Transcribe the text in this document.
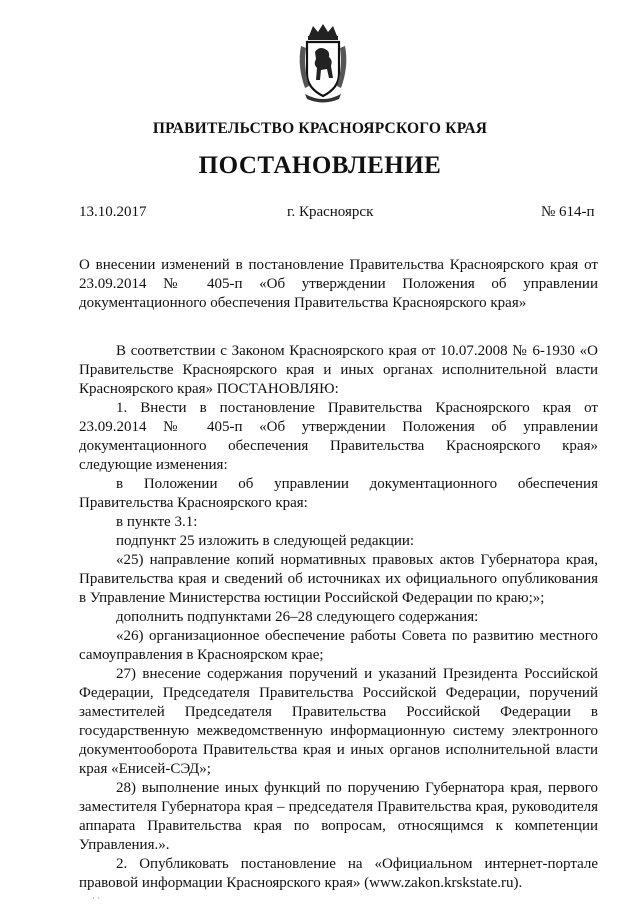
ПРАВИТЕЛЬСТВО КРАСНОЯРСКОГО КРАЯ
ПОСТАНОВЛЕНИЕ
13.10.2017	г. Красноярск	№ 614-п
О внесении изменений в постановление Правительства Красноярского края от 23.09.2014 № 405-п «Об утверждении Положения об управлении документационного обеспечения Правительства Красноярского края»

В соответствии с Законом Красноярского края от 10.07.2008 № 6-1930 «О Правительстве Красноярского края и иных органах исполнительной власти Красноярского края» ПОСТАНОВЛЯЮ:

1. Внести в постановление Правительства Красноярского края от 23.09.2014 № 405-п «Об утверждении Положения об управлении документационного обеспечения Правительства Красноярского края» следующие изменения:

в Положении об управлении документационного обеспечения Правительства Красноярского края:

в пункте 3.1:

подпункт 25 изложить в следующей редакции:

«25) направление копий нормативных правовых актов Губернатора края, Правительства края и сведений об источниках их официального опубликования в Управление Министерства юстиции Российской Федерации по краю;»;

дополнить подпунктами 26–28 следующего содержания:

«26) организационное обеспечение работы Совета по развитию местного самоуправления в Красноярском крае;

27) внесение содержания поручений и указаний Президента Российской Федерации, Председателя Правительства Российской Федерации, поручений заместителей Председателя Правительства Российской Федерации в государственную межведомственную информационную систему электронного документооборота Правительства края и иных органов исполнительной власти края «Енисей-СЭД»;

28) выполнение иных функций по поручению Губернатора края, первого заместителя Губернатора края – председателя Правительства края, руководителя аппарата Правительства края по вопросам, относящимся к компетенции Управления.».

2. Опубликовать постановление на «Официальном интернет-портале правовой информации Красноярского края» (www.zakon.krskstate.ru).

· ·
